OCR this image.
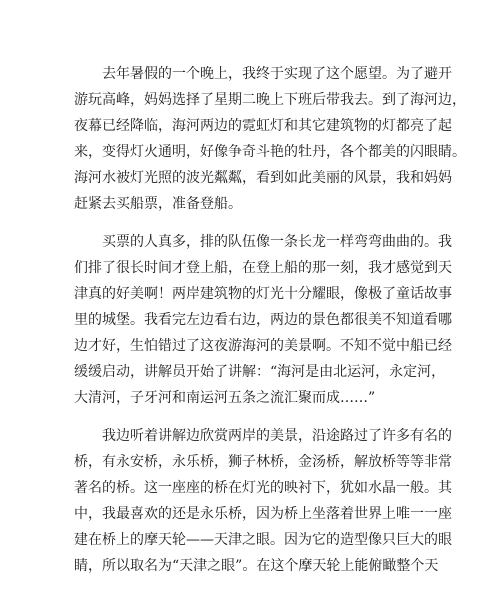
去年暑假的一个晚上，我终于实现了这个愿望。为了避开
游玩高峰，妈妈选择了星期二晚上下班后带我去。到了海河边，
夜幕已经降临，海河两边的霓虹灯和其它建筑物的灯都亮了起
来，变得灯火通明，好像争奇斗艳的牡丹，各个都美的闪眼睛。
海河水被灯光照的波光粼粼，看到如此美丽的风景，我和妈妈
赶紧去买船票，准备登船。
买票的人真多，排的队伍像一条长龙一样弯弯曲曲的。我
们排了很长时间才登上船，在登上船的那一刻，我才感觉到天
津真的好美啊！两岸建筑物的灯光十分耀眼，像极了童话故事
里的城堡。我看完左边看右边，两边的景色都很美不知道看哪
边才好，生怕错过了这夜游海河的美景啊。不知不觉中船已经
缓缓启动，讲解员开始了讲解：“海河是由北运河，永定河，
大清河，子牙河和南运河五条之流汇聚而成……”
我边听着讲解边欣赏两岸的美景，沿途路过了许多有名的
桥，有永安桥，永乐桥，狮子林桥，金汤桥，解放桥等等非常
著名的桥。这一座座的桥在灯光的映衬下，犹如水晶一般。其
中，我最喜欢的还是永乐桥，因为桥上坐落着世界上唯一一座
建在桥上的摩天轮——天津之眼。因为它的造型像只巨大的眼
睛，所以取名为“天津之眼”。在这个摩天轮上能俯瞰整个天
